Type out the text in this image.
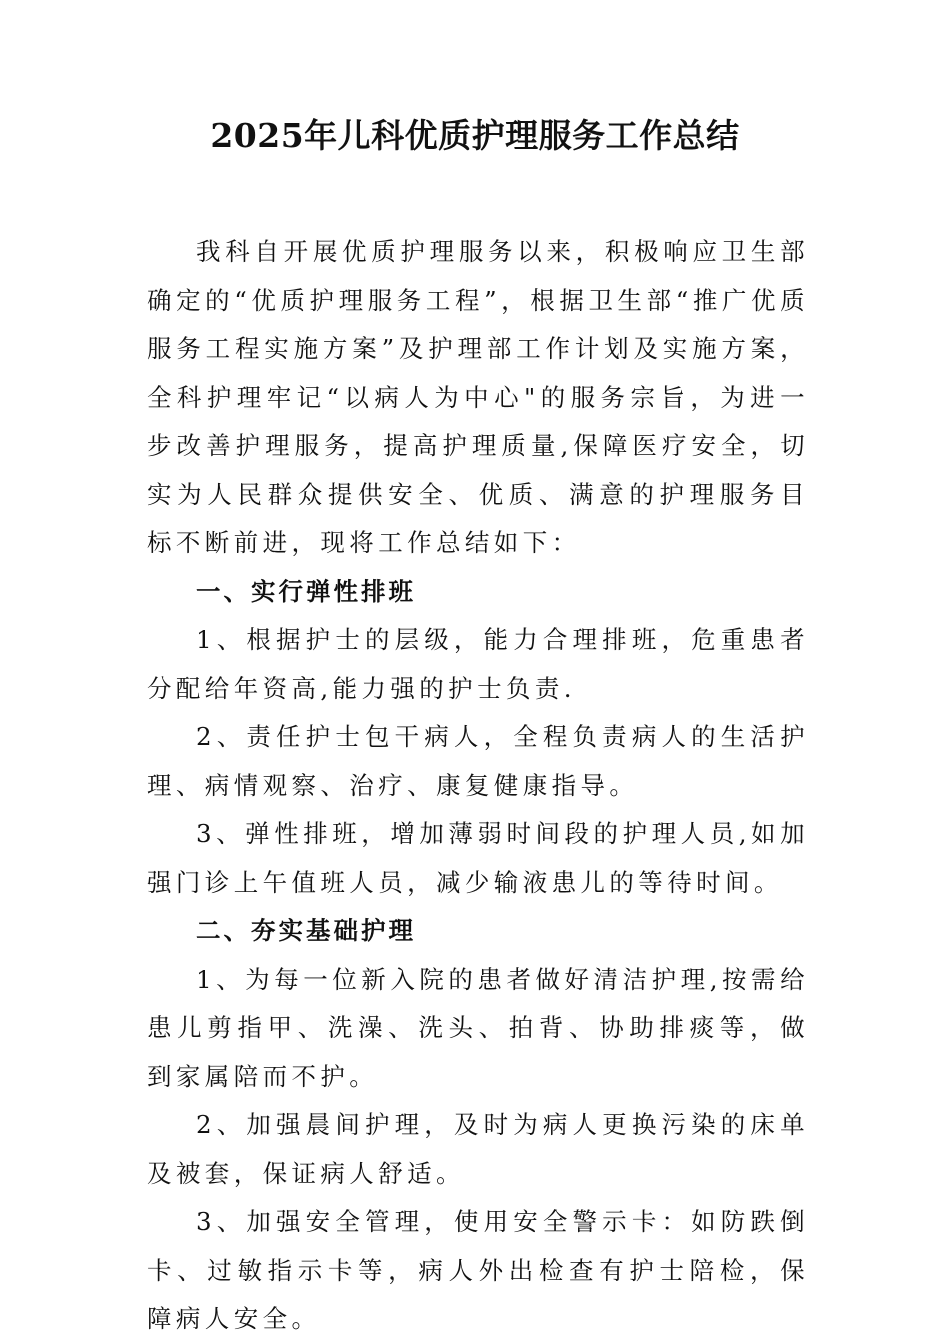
2025年儿科优质护理服务工作总结

我科自开展优质护理服务以来，积极响应卫生部确定的“优质护理服务工程”，根据卫生部“推广优质服务工程实施方案”及护理部工作计划及实施方案，全科护理牢记“以病人为中心"的服务宗旨，为进一步改善护理服务，提高护理质量,保障医疗安全，切实为人民群众提供安全、优质、满意的护理服务目标不断前进，现将工作总结如下：

一、实行弹性排班

1、根据护士的层级，能力合理排班，危重患者分配给年资高,能力强的护士负责.

2、责任护士包干病人，全程负责病人的生活护理、病情观察、治疗、康复健康指导。

3、弹性排班，增加薄弱时间段的护理人员,如加强门诊上午值班人员，减少输液患儿的等待时间。

二、夯实基础护理

1、为每一位新入院的患者做好清洁护理,按需给患儿剪指甲、洗澡、洗头、拍背、协助排痰等，做到家属陪而不护。

2、加强晨间护理，及时为病人更换污染的床单及被套，保证病人舒适。

3、加强安全管理，使用安全警示卡：如防跌倒卡、过敏指示卡等，病人外出检查有护士陪检，保障病人安全。
